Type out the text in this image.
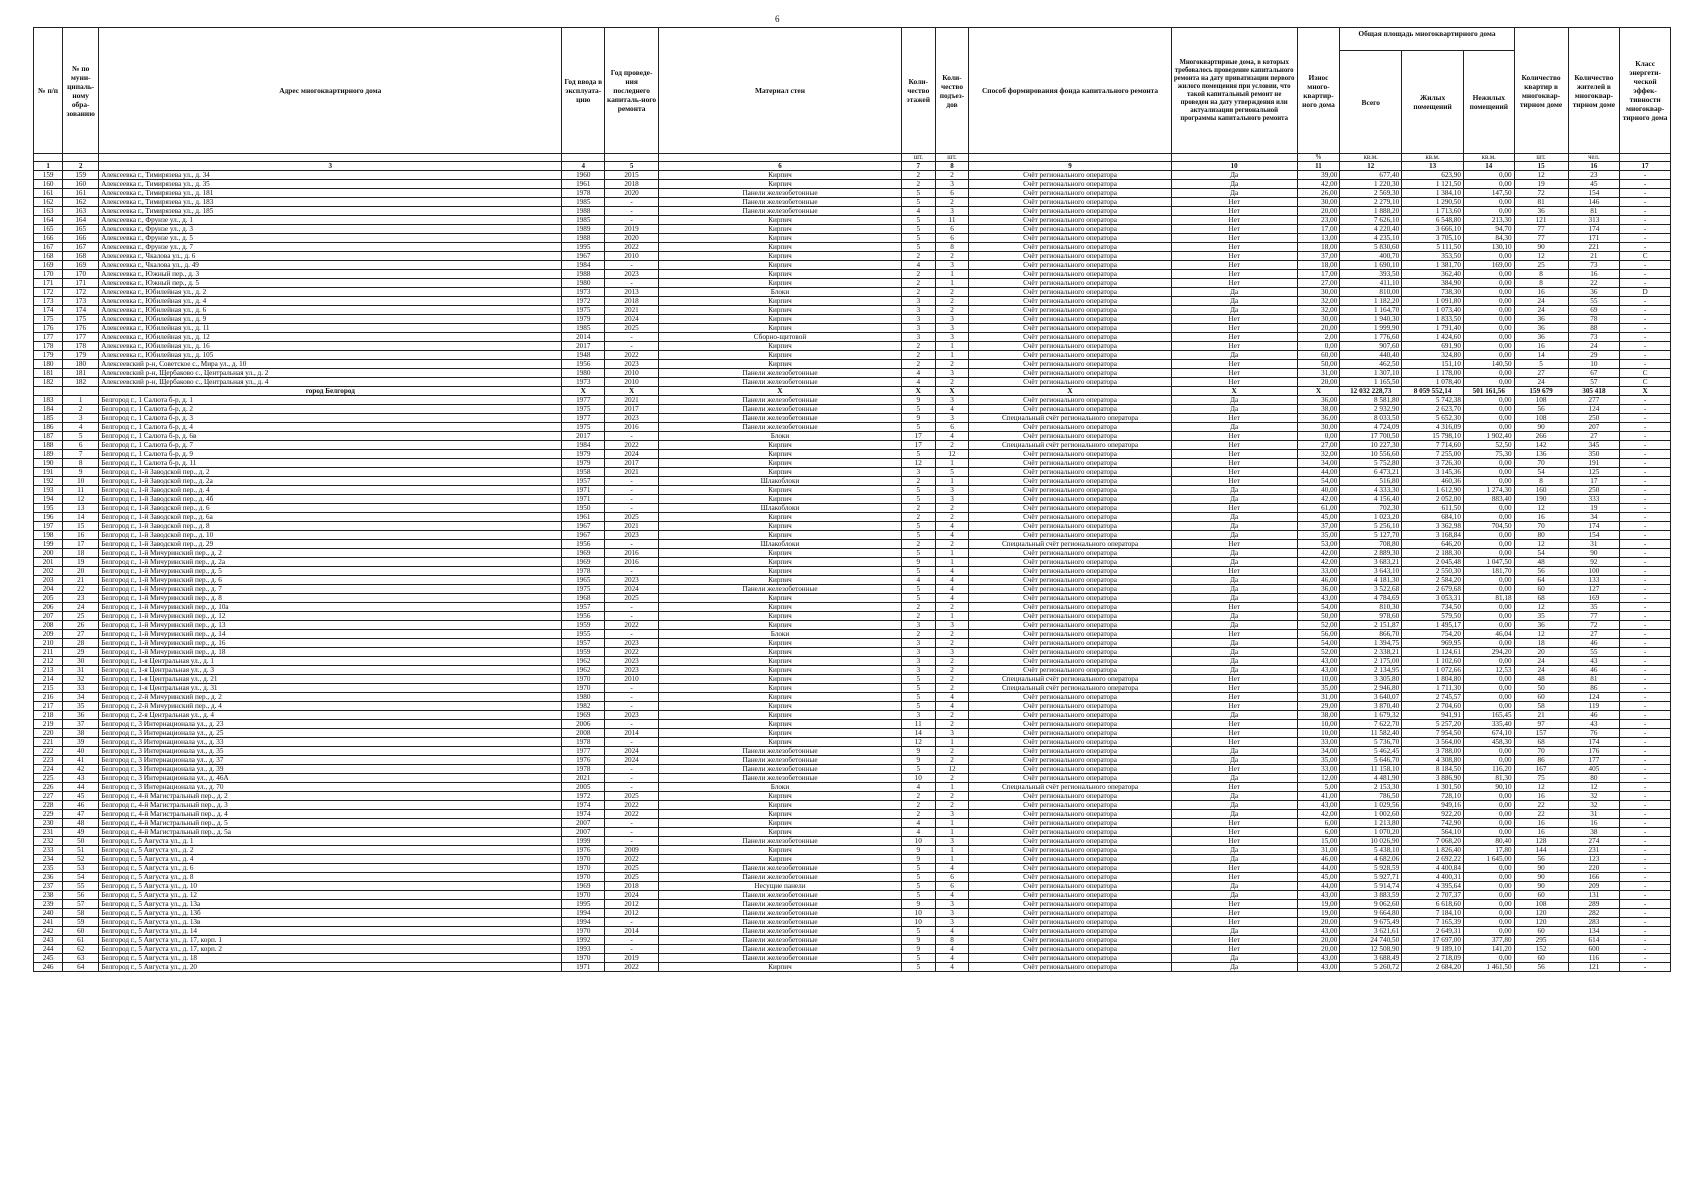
6
№ п/п	№ по муни-ципаль-ному обра-зованию	Адрес многоквартирного дома	Год ввода в эксплуата-цию	Год проведе-ния последнего капиталь-ного ремонта	Материал стен	Коли-чество этажей	Коли-чество подъез-дов	Способ формирования фонда капитального ремонта	Многоквартирные дома, в которых требовалось проведение капитального ремонта на дату приватизации первого жилого помещения при условии, что такой капитальный ремонт не проведен на дату утверждения или актуализации региональной программы капитального ремонта	Износ много-квартир-ного дома	Общая площадь многоквартирного дома			Количество квартир в многоквар-тирном доме	Количество жителей в многоквар-тирном доме	Класс энергети-ческой эффек-тивности многоквар-тирного дома
											Всего	Жилых помещений	Нежилых помещений			
						шт.	шт.			%	кв.м.	кв.м.	кв.м.	шт.	чел.	
1	2	3	4	5	6	7	8	9	10	11	12	13	14	15	16	17
159	159	Алексеевка г., Тимирязева ул., д. 34	1960	2015	Кирпич	2	2	Счёт регионального оператора	Да	39,00	677,40	623,90	0,00	12	23	-
160	160	Алексеевка г., Тимирязева ул., д. 35	1961	2018	Кирпич	2	3	Счёт регионального оператора	Да	42,00	1 220,30	1 121,50	0,00	19	45	-
161	161	Алексеевка г., Тимирязева ул., д. 181	1978	2020	Панели железобетонные	5	6	Счёт регионального оператора	Да	26,00	2 569,30	1 384,10	147,50	72	154	-
162	162	Алексеевка г., Тимирязева ул., д. 183	1985	-	Панели железобетонные	5	2	Счёт регионального оператора	Нет	30,00	2 279,10	1 290,50	0,00	81	146	-
163	163	Алексеевка г., Тимирязева ул., д. 185	1988	-	Панели железобетонные	4	3	Счёт регионального оператора	Нет	20,00	1 888,20	1 713,60	0,00	36	81	-
164	164	Алексеевка г., Фрунзе ул., д. 1	1985	-	Кирпич	5	11	Счёт регионального оператора	Нет	23,00	7 626,10	6 548,80	213,30	121	313	-
165	165	Алексеевка г., Фрунзе ул., д. 3	1989	2019	Кирпич	5	6	Счёт регионального оператора	Нет	17,00	4 220,40	3 666,10	94,70	77	174	-
166	166	Алексеевка г., Фрунзе ул., д. 5	1988	2020	Кирпич	5	6	Счёт регионального оператора	Нет	13,00	4 235,10	3 705,10	84,30	77	171	-
167	167	Алексеевка г., Фрунзе ул., д. 7	1995	2022	Кирпич	5	8	Счёт регионального оператора	Нет	18,00	5 830,60	5 111,50	130,10	90	221	-
168	168	Алексеевка г., Чкалова ул., д. 6	1967	2010	Кирпич	2	2	Счёт регионального оператора	Нет	37,00	400,70	353,50	0,00	12	21	C
169	169	Алексеевка г., Чкалова ул., д. 49	1984	-	Кирпич	4	3	Счёт регионального оператора	Нет	18,00	1 690,10	1 381,70	169,00	25	73	-
170	170	Алексеевка г., Южный пер., д. 3	1988	2023	Кирпич	2	1	Счёт регионального оператора	Нет	17,00	393,50	362,40	0,00	8	16	-
171	171	Алексеевка г., Южный пер., д. 5	1980	-	Кирпич	2	1	Счёт регионального оператора	Нет	27,00	411,10	384,90	0,00	8	22	-
172	172	Алексеевка г., Юбилейная ул., д. 2	1973	2013	Блоки	2	2	Счёт регионального оператора	Да	30,00	810,00	738,30	0,00	16	36	D
173	173	Алексеевка г., Юбилейная ул., д. 4	1972	2018	Кирпич	3	2	Счёт регионального оператора	Да	32,00	1 182,20	1 091,80	0,00	24	55	-
174	174	Алексеевка г., Юбилейная ул., д. 6	1975	2021	Кирпич	3	2	Счёт регионального оператора	Да	32,00	1 164,70	1 073,40	0,00	24	69	-
175	175	Алексеевка г., Юбилейная ул., д. 9	1979	2024	Кирпич	3	3	Счёт регионального оператора	Нет	30,00	1 940,30	1 833,50	0,00	36	78	-
176	176	Алексеевка г., Юбилейная ул., д. 11	1985	2025	Кирпич	3	3	Счёт регионального оператора	Нет	20,00	1 999,90	1 791,40	0,00	36	88	-
177	177	Алексеевка г., Юбилейная ул., д. 12	2014	-	Сборно-щитовой	3	3	Счёт регионального оператора	Нет	2,00	1 776,60	1 424,60	0,00	36	73	-
178	178	Алексеевка г., Юбилейная ул., д. 16	2017	-	Кирпич	2	1	Счёт регионального оператора	Нет	0,00	907,60	691,90	0,00	16	24	-
179	179	Алексеевка г., Юбилейная ул., д. 105	1948	2022	Кирпич	2	1	Счёт регионального оператора	Да	60,00	440,40	324,80	0,00	14	29	-
180	180	Алексеевский р-н, Советское с., Мира ул., д. 10	1956	2023	Кирпич	2	2	Счёт регионального оператора	Нет	50,00	462,50	151,10	140,50	5	10	-
181	181	Алексеевский р-н, Щербаково с., Центральная ул., д. 2	1980	2010	Панели железобетонные	4	3	Счёт регионального оператора	Нет	31,00	1 307,10	1 178,00	0,00	27	67	C
182	182	Алексеевский р-н, Щербаково с., Центральная ул., д. 4	1973	2010	Панели железобетонные	4	2	Счёт регионального оператора	Нет	20,00	1 165,50	1 078,40	0,00	24	57	C
		город Белгород	X	X	X	X	X	X	X	X	12 032 228,73	8 059 552,14	501 161,56	159 679	305 418	X
183	1	Белгород г., 1 Салюта б-р, д. 1	1977	2021	Панели железобетонные	9	3	Счёт регионального оператора	Да	36,00	8 581,80	5 742,38	0,00	108	277	-
184	2	Белгород г., 1 Салюта б-р, д. 2	1975	2017	Панели железобетонные	5	4	Счёт регионального оператора	Да	38,00	2 932,90	2 623,70	0,00	56	124	-
185	3	Белгород г., 1 Салюта б-р, д. 3	1977	2023	Панели железобетонные	9	3	Специальный счёт регионального оператора	Нет	36,00	8 033,50	5 652,30	0,00	108	250	-
186	4	Белгород г., 1 Салюта б-р, д. 4	1975	2016	Панели железобетонные	5	6	Счёт регионального оператора	Да	30,00	4 724,09	4 316,09	0,00	90	207	-
187	5	Белгород г., 1 Салюта б-р, д. 6в	2017	-	Блоки	17	4	Счёт регионального оператора	Нет	0,00	17 700,50	15 798,10	1 902,40	266	27	-
188	6	Белгород г., 1 Салюта б-р, д. 7	1984	2022	Кирпич	17	2	Специальный счёт регионального оператора	Нет	27,00	10 227,30	7 714,60	52,50	142	345	-
189	7	Белгород г., 1 Салюта б-р, д. 9	1979	2024	Кирпич	5	12	Счёт регионального оператора	Нет	32,00	10 556,60	7 255,00	75,30	136	350	-
190	8	Белгород г., 1 Салюта б-р, д. 11	1979	2017	Кирпич	12	1	Счёт регионального оператора	Нет	34,00	5 752,80	3 726,30	0,00	70	191	-
191	9	Белгород г., 1-й Заводской пер., д. 2	1958	2021	Кирпич	3	5	Счёт регионального оператора	Нет	44,00	6 473,21	3 145,36	0,00	54	125	-
192	10	Белгород г., 1-й Заводской пер., д. 2а	1957	-	Шлакоблоки	2	1	Счёт регионального оператора	Нет	54,00	516,80	460,36	0,00	8	17	-
193	11	Белгород г., 1-й Заводской пер., д. 4	1971	-	Кирпич	5	3	Счёт регионального оператора	Да	40,00	4 333,30	1 612,90	1 274,30	160	250	-
194	12	Белгород г., 1-й Заводской пер., д. 4б	1971	-	Кирпич	5	3	Счёт регионального оператора	Да	42,00	4 156,40	2 052,00	883,40	190	333	-
195	13	Белгород г., 1-й Заводской пер., д. 6	1950	-	Шлакоблоки	2	2	Счёт регионального оператора	Нет	61,00	702,30	611,50	0,00	12	19	-
196	14	Белгород г., 1-й Заводской пер., д. 6а	1961	2025	Кирпич	2	2	Счёт регионального оператора	Да	45,00	1 023,20	684,10	0,00	16	34	-
197	15	Белгород г., 1-й Заводской пер., д. 8	1967	2021	Кирпич	5	4	Счёт регионального оператора	Да	37,00	5 256,10	3 362,98	704,50	70	174	-
198	16	Белгород г., 1-й Заводской пер., д. 10	1967	2023	Кирпич	5	4	Счёт регионального оператора	Да	35,00	5 127,70	3 168,84	0,00	80	154	-
199	17	Белгород г., 1-й Заводской пер., д. 29	1956	-	Шлакоблоки	2	2	Специальный счёт регионального оператора	Нет	53,00	708,80	646,20	0,00	12	31	-
200	18	Белгород г., 1-й Мичуринский пер., д. 2	1969	2016	Кирпич	5	1	Счёт регионального оператора	Да	42,00	2 889,30	2 188,30	0,00	54	90	-
201	19	Белгород г., 1-й Мичуринский пер., д. 2а	1969	2016	Кирпич	9	1	Счёт регионального оператора	Да	42,00	3 683,21	2 045,48	1 047,50	48	92	-
202	20	Белгород г., 1-й Мичуринский пер., д. 5	1978	-	Кирпич	5	4	Счёт регионального оператора	Нет	33,00	3 643,10	2 550,30	181,70	56	100	-
203	21	Белгород г., 1-й Мичуринский пер., д. 6	1965	2023	Кирпич	4	4	Счёт регионального оператора	Да	46,00	4 181,30	2 584,20	0,00	64	133	-
204	22	Белгород г., 1-й Мичуринский пер., д. 7	1975	2024	Панели железобетонные	5	4	Счёт регионального оператора	Да	36,00	3 522,68	2 679,68	0,00	60	127	-
205	23	Белгород г., 1-й Мичуринский пер., д. 8	1968	2025	Кирпич	5	4	Счёт регионального оператора	Да	43,00	4 784,69	3 053,31	81,18	68	169	-
206	24	Белгород г., 1-й Мичуринский пер., д. 10а	1957	-	Кирпич	2	2	Счёт регионального оператора	Нет	54,00	810,30	734,50	0,00	12	35	-
207	25	Белгород г., 1-й Мичуринский пер., д. 12	1956	-	Кирпич	2	1	Счёт регионального оператора	Да	50,00	978,60	579,50	0,00	35	77	-
208	26	Белгород г., 1-й Мичуринский пер., д. 13	1959	2022	Кирпич	3	3	Счёт регионального оператора	Да	52,00	2 151,87	1 495,17	0,00	36	72	-
209	27	Белгород г., 1-й Мичуринский пер., д. 14	1955	-	Блоки	2	2	Счёт регионального оператора	Нет	56,00	866,70	754,20	46,04	12	27	-
210	28	Белгород г., 1-й Мичуринский пер., д. 16	1957	2023	Кирпич	3	2	Счёт регионального оператора	Да	54,00	1 394,75	969,95	0,00	18	46	-
211	29	Белгород г., 1-й Мичуринский пер., д. 18	1959	2022	Кирпич	3	3	Счёт регионального оператора	Да	52,00	2 338,21	1 124,61	294,20	20	55	-
212	30	Белгород г., 1-я Центральная ул., д. 1	1962	2023	Кирпич	3	2	Счёт регионального оператора	Да	43,00	2 175,00	1 102,60	0,00	24	43	-
213	31	Белгород г., 1-я Центральная ул., д. 3	1962	2023	Кирпич	3	2	Счёт регионального оператора	Да	43,00	2 134,95	1 072,66	12,53	24	46	-
214	32	Белгород г., 1-я Центральная ул., д. 21	1970	2010	Кирпич	5	2	Специальный счёт регионального оператора	Нет	10,00	3 305,80	1 804,80	0,00	48	81	-
215	33	Белгород г., 1-я Центральная ул., д. 31	1970	-	Кирпич	5	2	Специальный счёт регионального оператора	Нет	35,00	2 946,80	1 711,30	0,00	50	86	-
216	34	Белгород г., 2-й Мичуринский пер., д. 2	1980	-	Кирпич	5	4	Счёт регионального оператора	Нет	31,00	3 640,07	2 745,57	0,00	60	124	-
217	35	Белгород г., 2-й Мичуринский пер., д. 4	1982	-	Кирпич	5	4	Счёт регионального оператора	Нет	29,00	3 870,40	2 704,60	0,00	58	119	-
218	36	Белгород г., 2-я Центральная ул., д. 4	1969	2023	Кирпич	3	2	Счёт регионального оператора	Да	38,00	1 679,32	941,91	165,45	21	46	-
219	37	Белгород г., 3 Интернационала ул., д. 23	2006	-	Кирпич	11	2	Счёт регионального оператора	Нет	10,00	7 622,70	5 257,20	335,40	97	43	-
220	38	Белгород г., 3 Интернационала ул., д. 25	2008	2014	Кирпич	14	3	Счёт регионального оператора	Нет	10,00	11 582,40	7 954,50	674,10	157	76	-
221	39	Белгород г., 3 Интернационала ул., д. 33	1978	-	Кирпич	12	1	Счёт регионального оператора	Нет	33,00	5 736,70	3 564,00	458,30	68	174	-
222	40	Белгород г., 3 Интернационала ул., д. 35	1977	2024	Панели железобетонные	9	2	Счёт регионального оператора	Да	34,00	5 462,45	3 788,00	0,00	70	176	-
223	41	Белгород г., 3 Интернационала ул., д. 37	1976	2024	Панели железобетонные	9	2	Счёт регионального оператора	Да	35,00	5 646,70	4 308,80	0,00	86	177	-
224	42	Белгород г., 3 Интернационала ул., д. 39	1978	-	Панели железобетонные	5	12	Счёт регионального оператора	Нет	33,00	11 158,10	8 184,50	116,20	167	405	-
225	43	Белгород г., 3 Интернационала ул., д. 46А	2021	-	Панели железобетонные	10	2	Счёт регионального оператора	Да	12,00	4 481,90	3 886,90	81,30	75	80	-
226	44	Белгород г., 3 Интернационала ул., д. 70	2005	-	Блоки	4	1	Специальный счёт регионального оператора	Нет	5,00	2 153,30	1 301,50	90,10	12	12	-
227	45	Белгород г., 4-й Магистральный пер., д. 2	1972	2025	Кирпич	2	2	Счёт регионального оператора	Да	41,00	786,50	728,10	0,00	16	32	-
228	46	Белгород г., 4-й Магистральный пер., д. 3	1974	2022	Кирпич	2	2	Счёт регионального оператора	Да	43,00	1 029,56	949,16	0,00	22	32	-
229	47	Белгород г., 4-й Магистральный пер., д. 4	1974	2022	Кирпич	2	3	Счёт регионального оператора	Да	42,00	1 002,60	922,20	0,00	22	31	-
230	48	Белгород г., 4-й Магистральный пер., д. 5	2007	-	Кирпич	4	1	Счёт регионального оператора	Нет	6,00	1 213,80	742,90	0,00	16	16	-
231	49	Белгород г., 4-й Магистральный пер., д. 5а	2007	-	Кирпич	4	1	Счёт регионального оператора	Нет	6,00	1 070,20	564,10	0,00	16	38	-
232	50	Белгород г., 5 Августа ул., д. 1	1999	-	Панели железобетонные	10	3	Счёт регионального оператора	Нет	15,00	10 026,90	7 068,20	80,40	128	274	-
233	51	Белгород г., 5 Августа ул., д. 2	1976	2009	Кирпич	9	1	Счёт регионального оператора	Да	31,00	5 438,10	1 826,40	17,80	144	231	-
234	52	Белгород г., 5 Августа ул., д. 4	1970	2022	Кирпич	9	1	Счёт регионального оператора	Да	46,00	4 682,06	2 692,22	1 645,00	56	123	-
235	53	Белгород г., 5 Августа ул., д. 6	1970	2025	Панели железобетонные	5	4	Счёт регионального оператора	Нет	44,00	5 928,59	4 400,84	0,00	90	220	-
236	54	Белгород г., 5 Августа ул., д. 8	1970	2025	Панели железобетонные	5	6	Счёт регионального оператора	Нет	45,00	5 927,71	4 400,31	0,00	90	166	-
237	55	Белгород г., 5 Августа ул., д. 10	1969	2018	Несущие панели	5	6	Счёт регионального оператора	Да	44,00	5 914,74	4 395,64	0,00	90	209	-
238	56	Белгород г., 5 Августа ул., д. 12	1970	2024	Панели железобетонные	5	4	Счёт регионального оператора	Да	43,00	3 883,59	2 707,37	0,00	60	131	-
239	57	Белгород г., 5 Августа ул., д. 13а	1995	2012	Панели железобетонные	9	3	Счёт регионального оператора	Нет	19,00	9 062,60	6 618,60	0,00	108	289	-
240	58	Белгород г., 5 Августа ул., д. 13б	1994	2012	Панели железобетонные	10	3	Счёт регионального оператора	Нет	19,00	9 664,80	7 184,10	0,00	120	282	-
241	59	Белгород г., 5 Августа ул., д. 13в	1994	-	Панели железобетонные	10	3	Счёт регионального оператора	Нет	20,00	9 675,49	7 165,39	0,00	120	283	-
242	60	Белгород г., 5 Августа ул., д. 14	1970	2014	Панели железобетонные	5	4	Счёт регионального оператора	Да	43,00	3 621,61	2 649,31	0,00	60	134	-
243	61	Белгород г., 5 Августа ул., д. 17, корп. 1	1992	-	Панели железобетонные	9	8	Счёт регионального оператора	Нет	20,00	24 740,50	17 697,00	377,80	295	614	-
244	62	Белгород г., 5 Августа ул., д. 17, корп. 2	1993	-	Панели железобетонные	9	4	Счёт регионального оператора	Нет	20,00	12 508,90	9 189,10	141,20	152	600	-
245	63	Белгород г., 5 Августа ул., д. 18	1970	2019	Панели железобетонные	5	4	Счёт регионального оператора	Да	43,00	3 688,49	2 718,09	0,00	60	116	-
246	64	Белгород г., 5 Августа ул., д. 20	1971	2022	Кирпич	5	4	Счёт регионального оператора	Да	43,00	5 260,72	2 684,20	1 461,50	56	121	-
